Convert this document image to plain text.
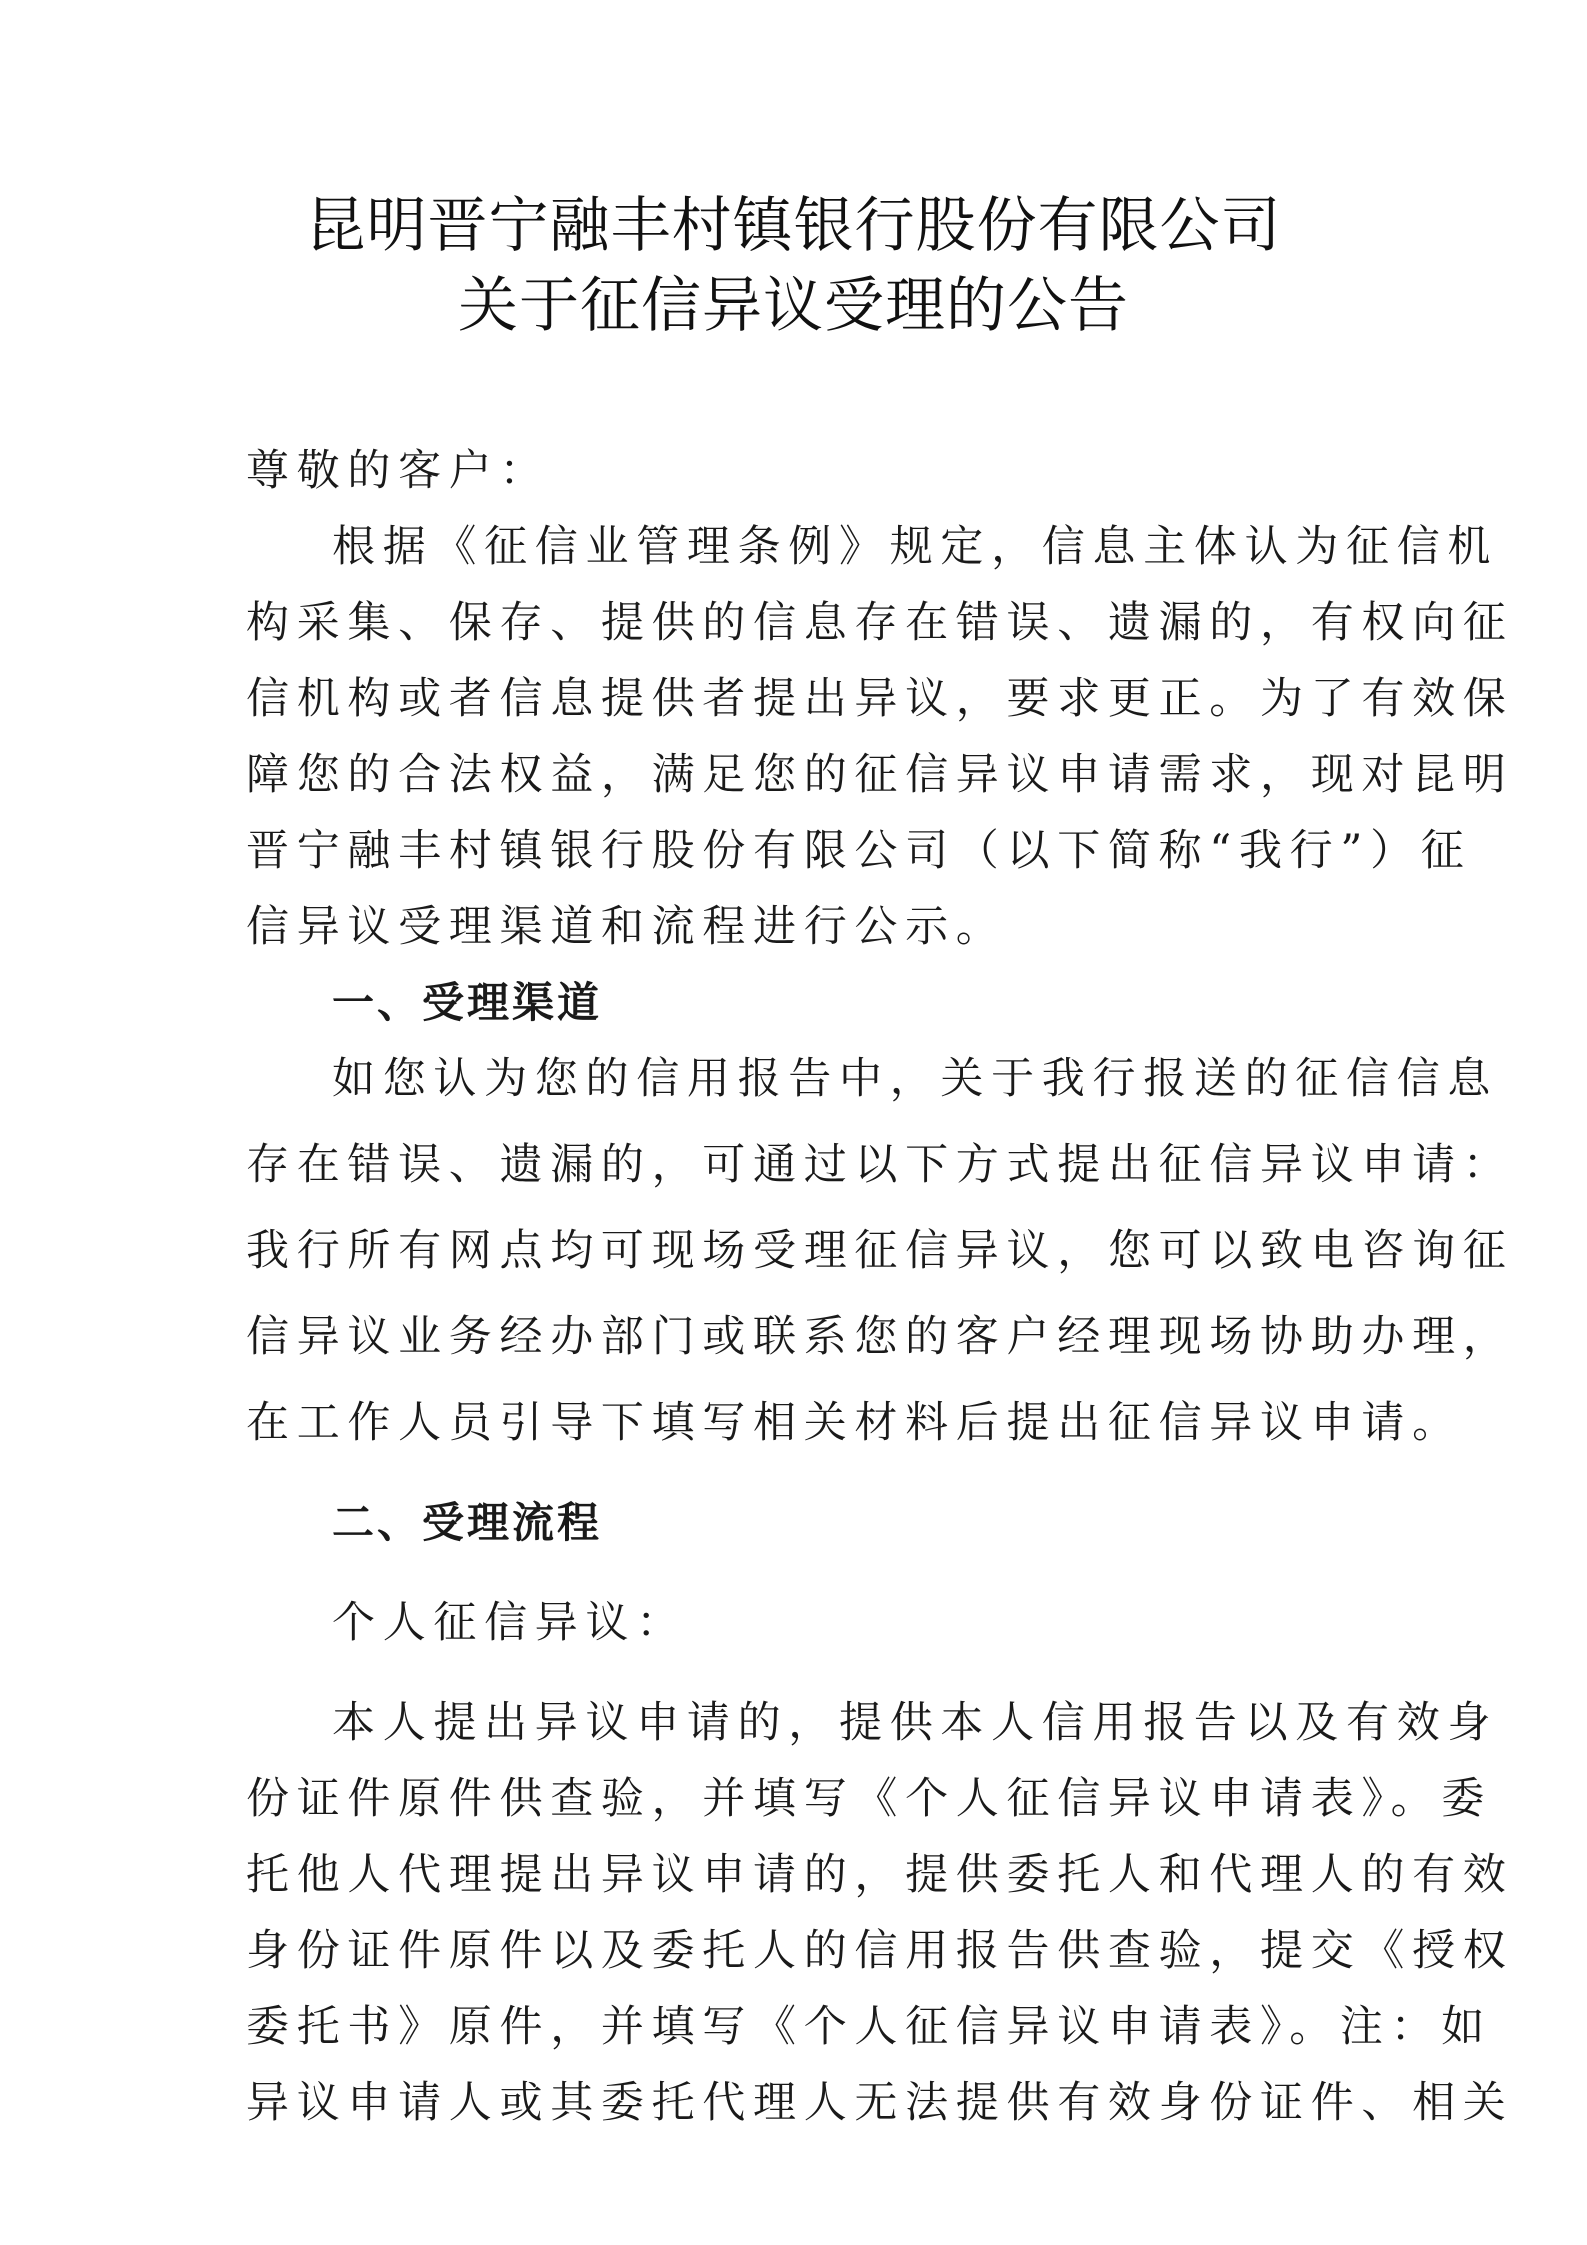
昆明晋宁融丰村镇银行股份有限公司
关于征信异议受理的公告
尊敬的客户：
根据《征信业管理条例》规定，信息主体认为征信机
构采集、保存、提供的信息存在错误、遗漏的，有权向征
信机构或者信息提供者提出异议，要求更正。为了有效保
障您的合法权益，满足您的征信异议申请需求，现对昆明
晋宁融丰村镇银行股份有限公司（以下简称“我行”）征
信异议受理渠道和流程进行公示。
一、受理渠道
如您认为您的信用报告中，关于我行报送的征信信息
存在错误、遗漏的，可通过以下方式提出征信异议申请：
我行所有网点均可现场受理征信异议，您可以致电咨询征
信异议业务经办部门或联系您的客户经理现场协助办理，
在工作人员引导下填写相关材料后提出征信异议申请。
二、受理流程
个人征信异议：
本人提出异议申请的，提供本人信用报告以及有效身
份证件原件供查验，并填写《个人征信异议申请表》。委
托他人代理提出异议申请的，提供委托人和代理人的有效
身份证件原件以及委托人的信用报告供查验，提交《授权
委托书》原件，并填写《个人征信异议申请表》。注：如
异议申请人或其委托代理人无法提供有效身份证件、相关
